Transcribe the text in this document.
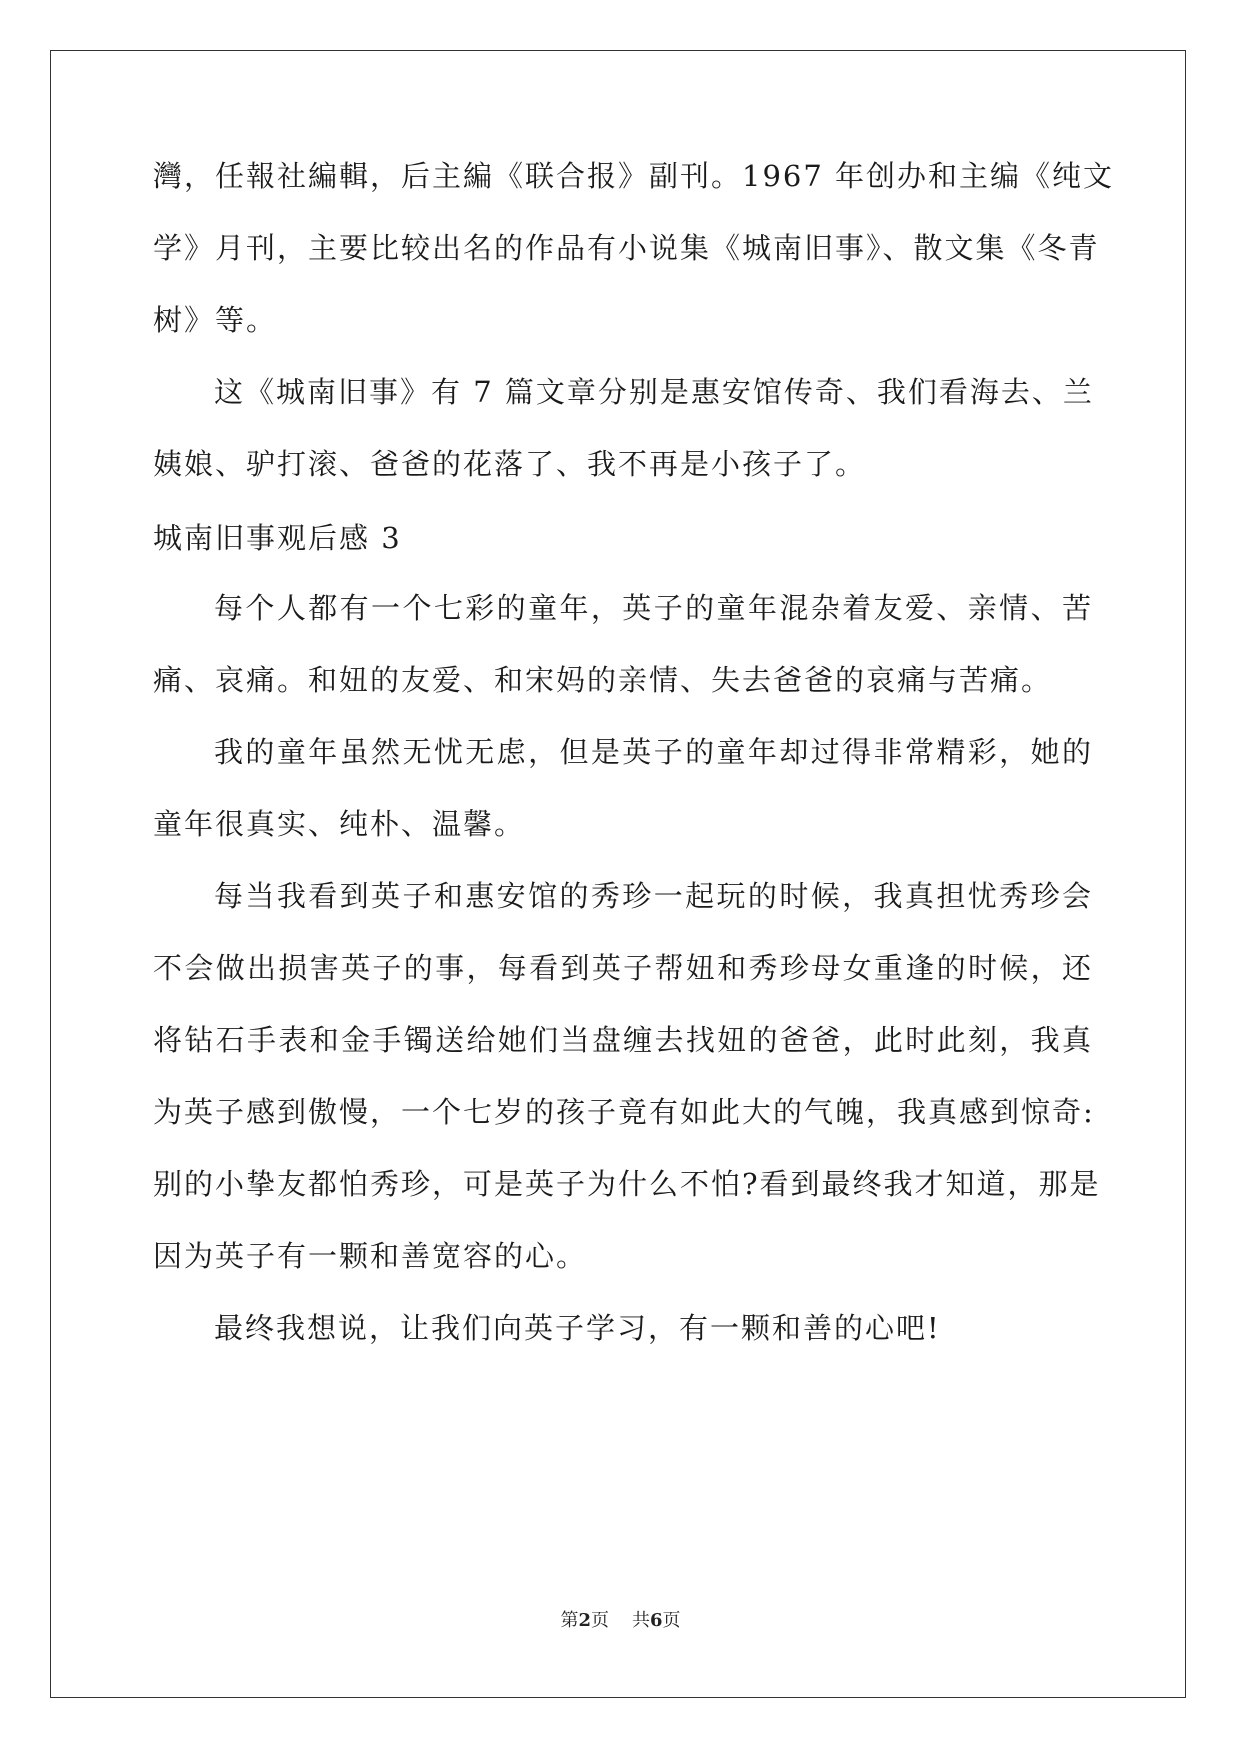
灣，任報社編輯，后主編《联合报》副刊。1967 年创办和主编《纯文
学》月刊，主要比较出名的作品有小说集《城南旧事》、散文集《冬青
树》等。
这《城南旧事》有 7 篇文章分别是惠安馆传奇、我们看海去、兰
姨娘、驴打滚、爸爸的花落了、我不再是小孩子了。
城南旧事观后感 3
每个人都有一个七彩的童年，英子的童年混杂着友爱、亲情、苦
痛、哀痛。和妞的友爱、和宋妈的亲情、失去爸爸的哀痛与苦痛。
我的童年虽然无忧无虑，但是英子的童年却过得非常精彩，她的
童年很真实、纯朴、温馨。
每当我看到英子和惠安馆的秀珍一起玩的时候，我真担忧秀珍会
不会做出损害英子的事，每看到英子帮妞和秀珍母女重逢的时候，还
将钻石手表和金手镯送给她们当盘缠去找妞的爸爸，此时此刻，我真
为英子感到傲慢，一个七岁的孩子竟有如此大的气魄，我真感到惊奇:
别的小挚友都怕秀珍，可是英子为什么不怕?看到最终我才知道，那是
因为英子有一颗和善宽容的心。
最终我想说，让我们向英子学习，有一颗和善的心吧!
第2页 共6页
